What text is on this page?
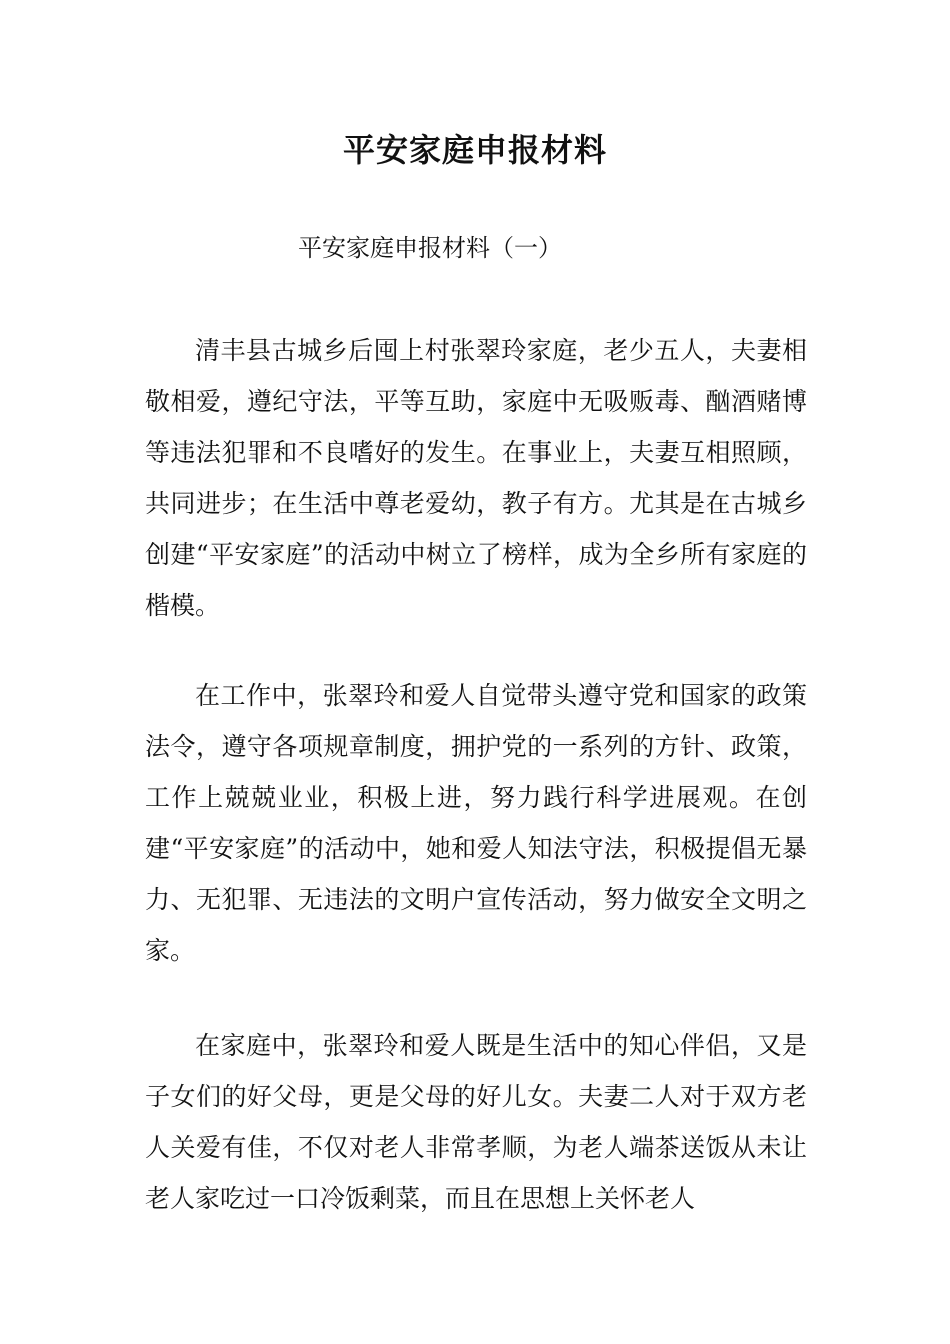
平安家庭申报材料
平安家庭申报材料（一）

清丰县古城乡后囤上村张翠玲家庭，老少五人，夫妻相敬相爱，遵纪守法，平等互助，家庭中无吸贩毒、酗酒赌博等违法犯罪和不良嗜好的发生。在事业上，夫妻互相照顾，共同进步；在生活中尊老爱幼，教子有方。尤其是在古城乡创建“平安家庭”的活动中树立了榜样，成为全乡所有家庭的楷模。

在工作中，张翠玲和爱人自觉带头遵守党和国家的政策法令，遵守各项规章制度，拥护党的一系列的方针、政策，工作上兢兢业业，积极上进，努力践行科学进展观。在创建“平安家庭”的活动中，她和爱人知法守法，积极提倡无暴力、无犯罪、无违法的文明户宣传活动，努力做安全文明之家。

在家庭中，张翠玲和爱人既是生活中的知心伴侣，又是子女们的好父母，更是父母的好儿女。夫妻二人对于双方老人关爱有佳，不仅对老人非常孝顺，为老人端茶送饭从未让老人家吃过一口冷饭剩菜，而且在思想上关怀老人
